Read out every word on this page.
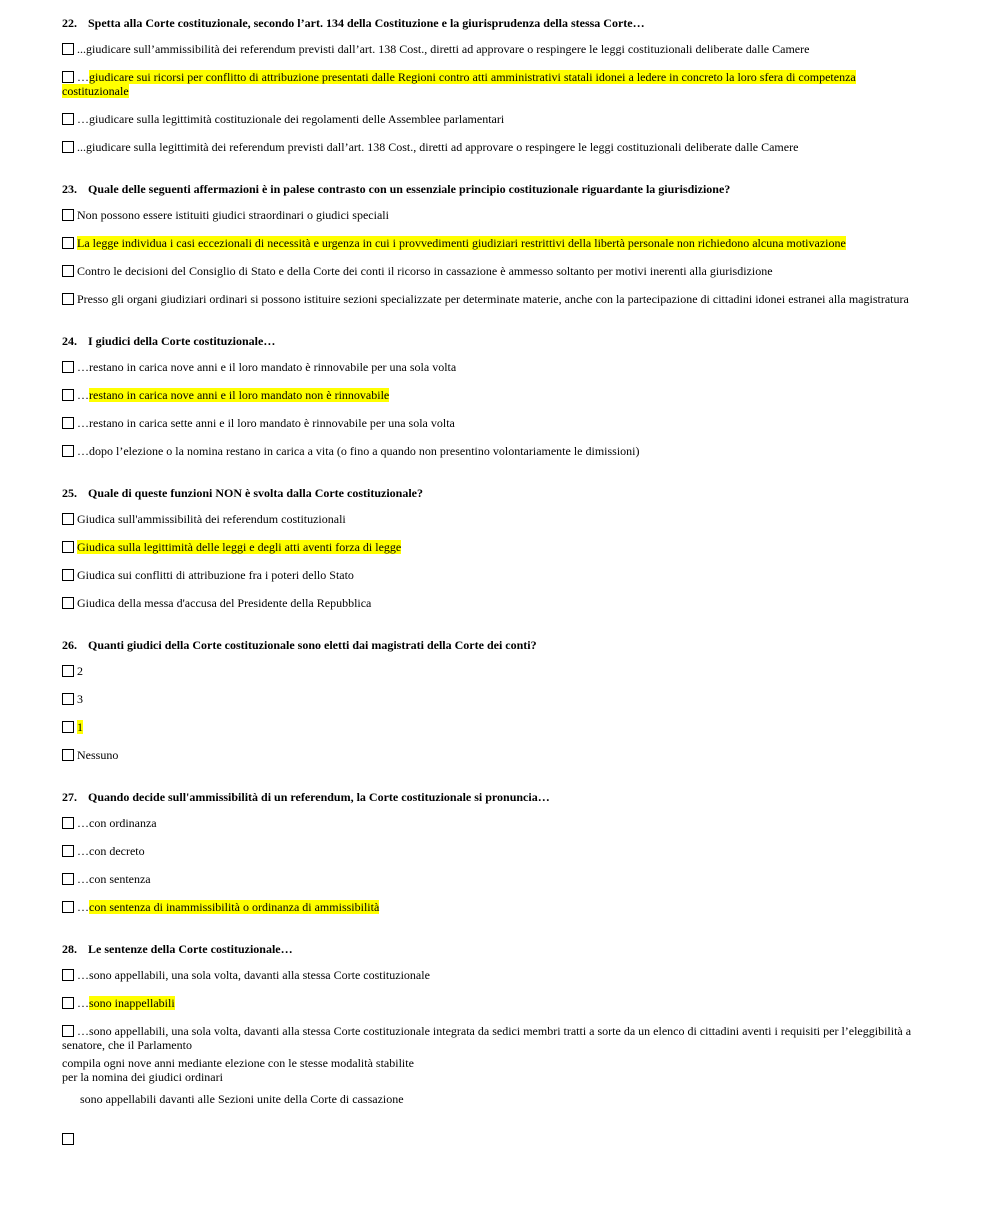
22. Spetta alla Corte costituzionale, secondo l’art. 134 della Costituzione e la giurisprudenza della stessa Corte…
...giudicare sull’ammissibilità dei referendum previsti dall’art. 138 Cost., diretti ad approvare o respingere le leggi costituzionali deliberate dalle Camere
…giudicare sui ricorsi per conflitto di attribuzione presentati dalle Regioni contro atti amministrativi statali idonei a ledere in concreto la loro sfera di competenza costituzionale
…giudicare sulla legittimità costituzionale dei regolamenti delle Assemblee parlamentari
...giudicare sulla legittimità dei referendum previsti dall’art. 138 Cost., diretti ad approvare o respingere le leggi costituzionali deliberate dalle Camere
23. Quale delle seguenti affermazioni è in palese contrasto con un essenziale principio costituzionale riguardante la giurisdizione?
Non possono essere istituiti giudici straordinari o giudici speciali
La legge individua i casi eccezionali di necessità e urgenza in cui i provvedimenti giudiziari restrittivi della libertà personale non richiedono alcuna motivazione
Contro le decisioni del Consiglio di Stato e della Corte dei conti il ricorso in cassazione è ammesso soltanto per motivi inerenti alla giurisdizione
Presso gli organi giudiziari ordinari si possono istituire sezioni specializzate per determinate materie, anche con la partecipazione di cittadini idonei estranei alla magistratura
24. I giudici della Corte costituzionale…
…restano in carica nove anni e il loro mandato è rinnovabile per una sola volta
…restano in carica nove anni e il loro mandato non è rinnovabile
…restano in carica sette anni e il loro mandato è rinnovabile per una sola volta
…dopo l’elezione o la nomina restano in carica a vita (o fino a quando non presentino volontariamente le dimissioni)
25. Quale di queste funzioni NON è svolta dalla Corte costituzionale?
Giudica sull'ammissibilità dei referendum costituzionali
Giudica sulla legittimità delle leggi e degli atti aventi forza di legge
Giudica sui conflitti di attribuzione fra i poteri dello Stato
Giudica della messa d'accusa del Presidente della Repubblica
26. Quanti giudici della Corte costituzionale sono eletti dai magistrati della Corte dei conti?
2
3
1
Nessuno
27. Quando decide sull'ammissibilità di un referendum, la Corte costituzionale si pronuncia…
…con ordinanza
…con decreto
…con sentenza
…con sentenza di inammissibilità o ordinanza di ammissibilità
28. Le sentenze della Corte costituzionale…
…sono appellabili, una sola volta, davanti alla stessa Corte costituzionale
…sono inappellabili
…sono appellabili, una sola volta, davanti alla stessa Corte costituzionale integrata da sedici membri tratti a sorte da un elenco di cittadini aventi i requisiti per l’eleggibilità a senatore, che il Parlamento
compila ogni nove anni mediante elezione con le stesse modalità stabilite
per la nomina dei giudici ordinari
sono appellabili davanti alle Sezioni unite della Corte di cassazione
